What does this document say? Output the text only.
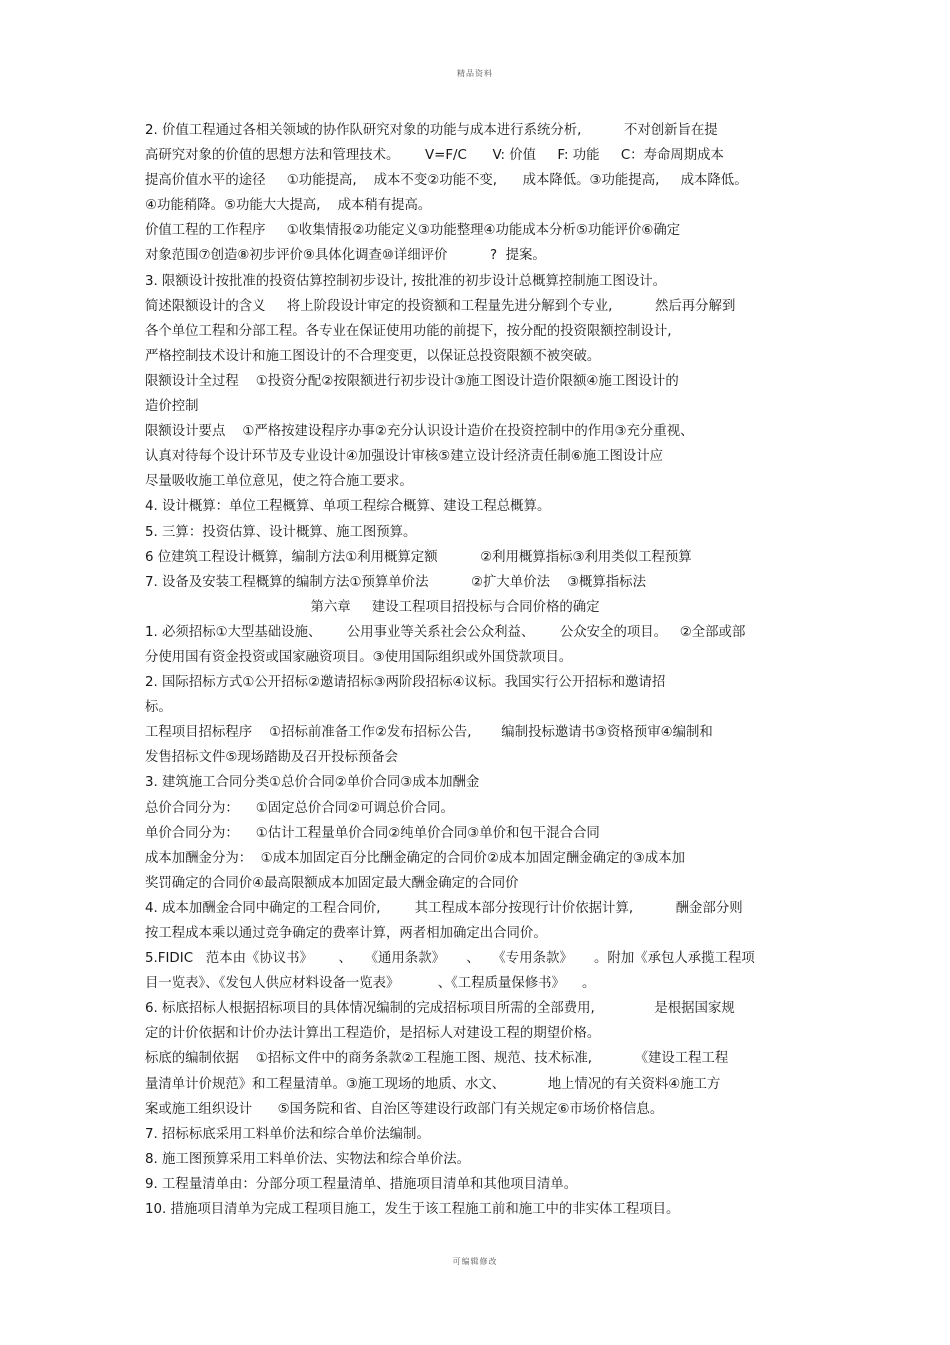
精品资料
2. 价值工程通过各相关领域的协作队研究对象的功能与成本进行系统分析,          不对创新旨在提
高研究对象的价值的思想方法和管理技术。      V=F/C      V: 价值     F: 功能     C：寿命周期成本
提高价值水平的途径     ①功能提高,    成本不变②功能不变,      成本降低。③功能提高,     成本降低。
④功能稍降。⑤功能大大提高,    成本稍有提高。
价值工程的工作程序     ①收集情报②功能定义③功能整理④功能成本分析⑤功能评价⑥确定
对象范围⑦创造⑧初步评价⑨具体化调查⑩详细评价          ?  提案。
3. 限额设计按批准的投资估算控制初步设计, 按批准的初步设计总概算控制施工图设计。
简述限额设计的含义     将上阶段设计审定的投资额和工程量先进分解到个专业,          然后再分解到
各个单位工程和分部工程。各专业在保证使用功能的前提下，按分配的投资限额控制设计,
严格控制技术设计和施工图设计的不合理变更，以保证总投资限额不被突破。
限额设计全过程    ①投资分配②按限额进行初步设计③施工图设计造价限额④施工图设计的
造价控制
限额设计要点    ①严格按建设程序办事②充分认识设计造价在投资控制中的作用③充分重视、
认真对待每个设计环节及专业设计④加强设计审核⑤建立设计经济责任制⑥施工图设计应
尽量吸收施工单位意见，使之符合施工要求。
4. 设计概算：单位工程概算、单项工程综合概算、建设工程总概算。
5. 三算：投资估算、设计概算、施工图预算。
6 位建筑工程设计概算，编制方法①利用概算定额          ②利用概算指标③利用类似工程预算
7. 设备及安装工程概算的编制方法①预算单价法          ②扩大单价法    ③概算指标法
第六章     建设工程项目招投标与合同价格的确定
1. 必须招标①大型基础设施、      公用事业等关系社会公众利益、      公众安全的项目。   ②全部或部
分使用国有资金投资或国家融资项目。③使用国际组织或外国贷款项目。
2. 国际招标方式①公开招标②邀请招标③两阶段招标④议标。我国实行公开招标和邀请招
标。
工程项目招标程序    ①招标前准备工作②发布招标公告,       编制投标邀请书③资格预审④编制和
发售招标文件⑤现场踏勘及召开投标预备会
3. 建筑施工合同分类①总价合同②单价合同③成本加酬金
总价合同分为：    ①固定总价合同②可调总价合同。
单价合同分为：    ①估计工程量单价合同②纯单价合同③单价和包干混合合同
成本加酬金分为：  ①成本加固定百分比酬金确定的合同价②成本加固定酬金确定的③成本加
奖罚确定的合同价④最高限额成本加固定最大酬金确定的合同价
4. 成本加酬金合同中确定的工程合同价,        其工程成本部分按现行计价依据计算,          酬金部分则
按工程成本乘以通过竞争确定的费率计算，两者相加确定出合同价。
5.FIDIC   范本由《协议书》      、   《通用条款》     、   《专用条款》     。附加《承包人承揽工程项
目一览表》、《发包人供应材料设备一览表》         、《工程质量保修书》    。
6. 标底招标人根据招标项目的具体情况编制的完成招标项目所需的全部费用,              是根据国家规
定的计价依据和计价办法计算出工程造价，是招标人对建设工程的期望价格。
标底的编制依据    ①招标文件中的商务条款②工程施工图、规范、技术标准,          《建设工程工程
量清单计价规范》和工程量清单。③施工现场的地质、水文、          地上情况的有关资料④施工方
案或施工组织设计      ⑤国务院和省、自治区等建设行政部门有关规定⑥市场价格信息。
7. 招标标底采用工料单价法和综合单价法编制。
8. 施工图预算采用工料单价法、实物法和综合单价法。
9. 工程量清单由：分部分项工程量清单、措施项目清单和其他项目清单。
10. 措施项目清单为完成工程项目施工，发生于该工程施工前和施工中的非实体工程项目。
可编辑修改
